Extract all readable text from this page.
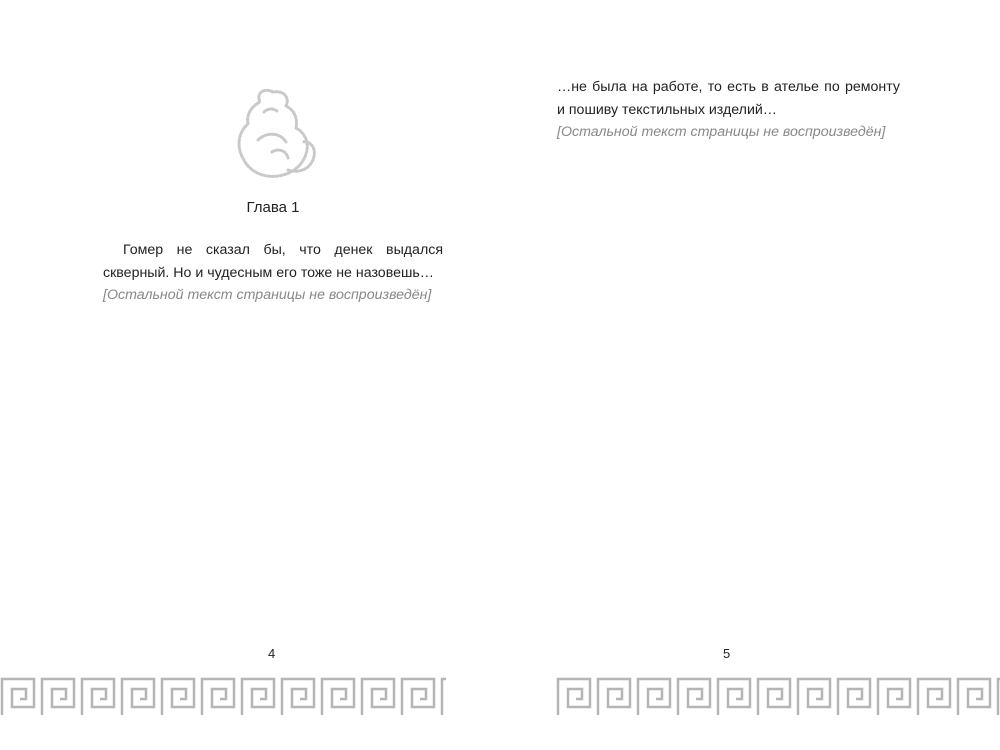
Глава 1

Гомер не сказал бы, что денек выдался скверный. Но и чудесным его тоже не назовешь…

[Остальной текст страницы не воспроизведён]

4

…не была на работе, то есть в ателье по ремонту и пошиву текстильных изделий…

[Остальной текст страницы не воспроизведён]

5
